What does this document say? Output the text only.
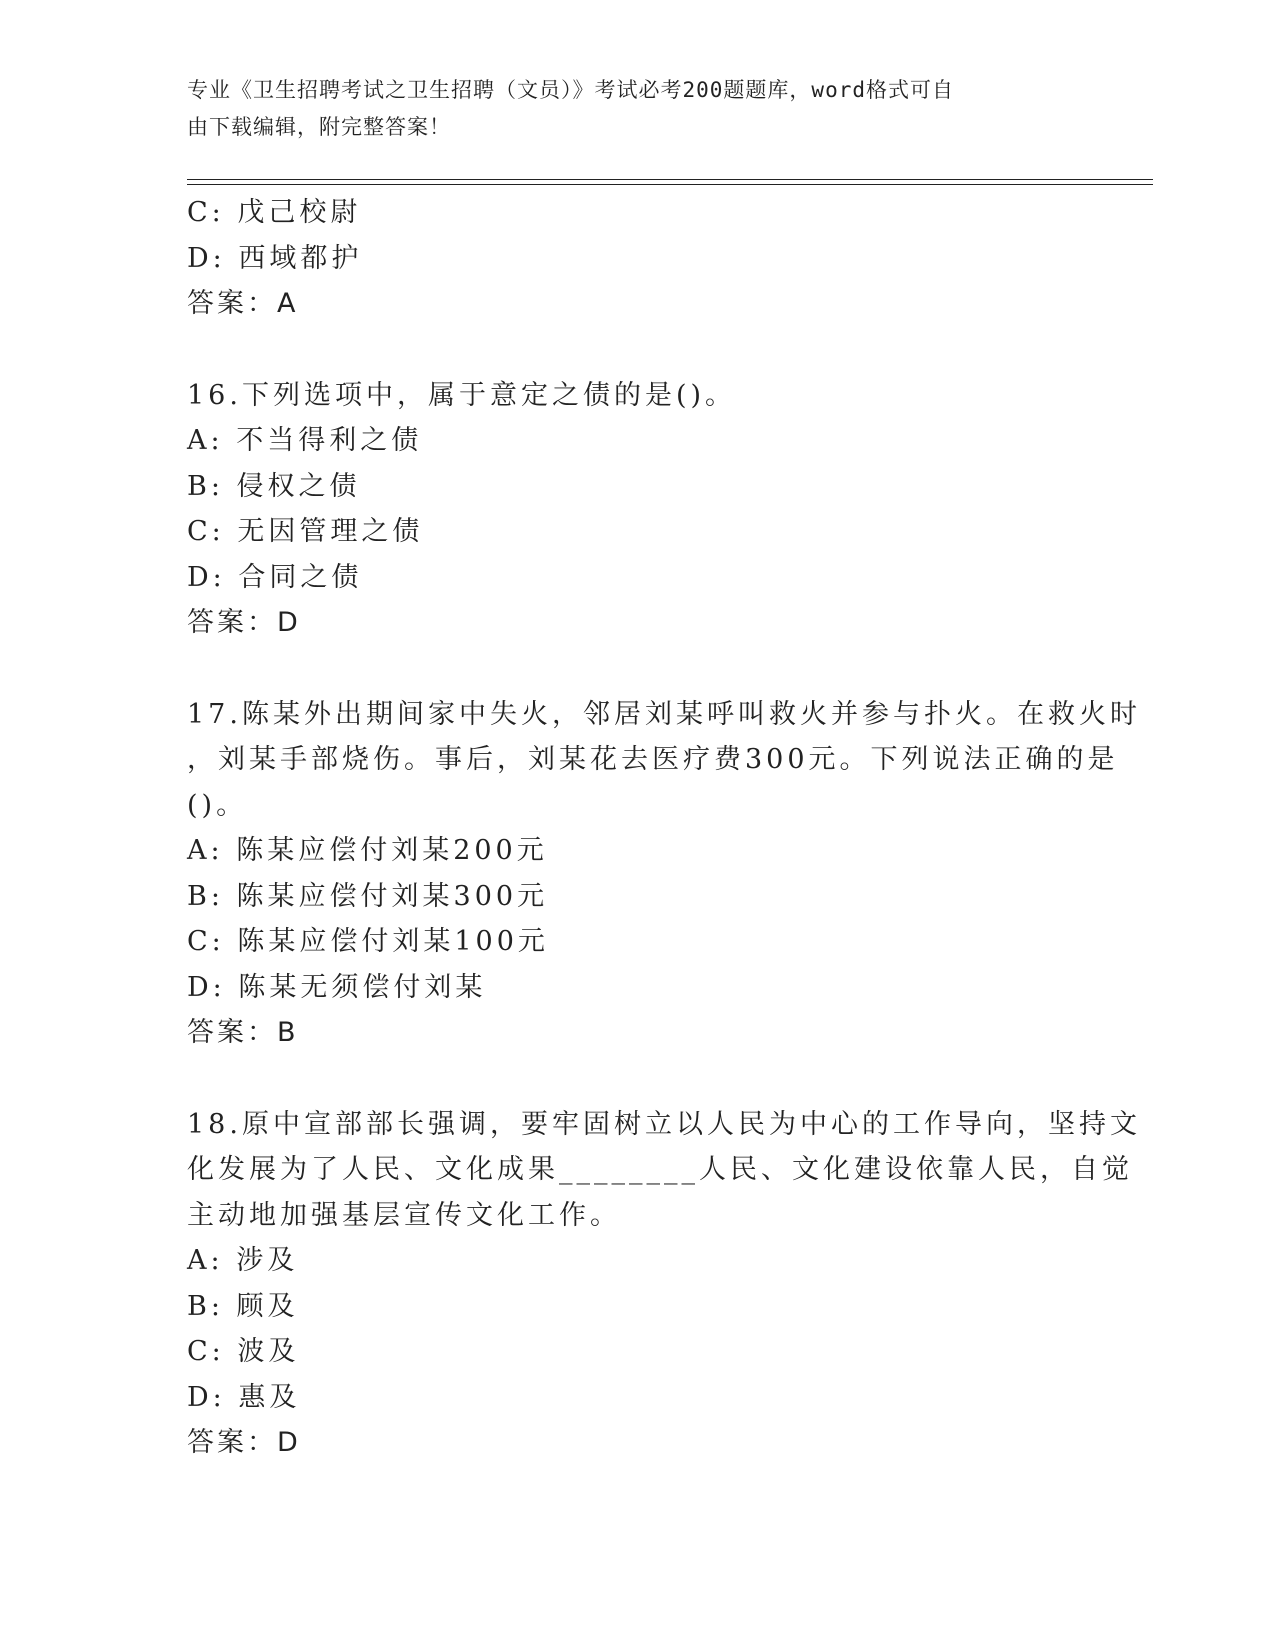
专业《卫生招聘考试之卫生招聘（文员）》考试必考200题题库，word格式可自
由下载编辑，附完整答案！
C: 戊己校尉
D: 西域都护
答案：A
16.下列选项中，属于意定之债的是()。
A: 不当得利之债
B: 侵权之债
C: 无因管理之债
D: 合同之债
答案：D
17.陈某外出期间家中失火，邻居刘某呼叫救火并参与扑火。在救火时
，刘某手部烧伤。事后，刘某花去医疗费300元。下列说法正确的是
()。
A: 陈某应偿付刘某200元
B: 陈某应偿付刘某300元
C: 陈某应偿付刘某100元
D: 陈某无须偿付刘某
答案：B
18.原中宣部部长强调，要牢固树立以人民为中心的工作导向，坚持文
化发展为了人民、文化成果________人民、文化建设依靠人民，自觉
主动地加强基层宣传文化工作。
A: 涉及
B: 顾及
C: 波及
D: 惠及
答案：D
